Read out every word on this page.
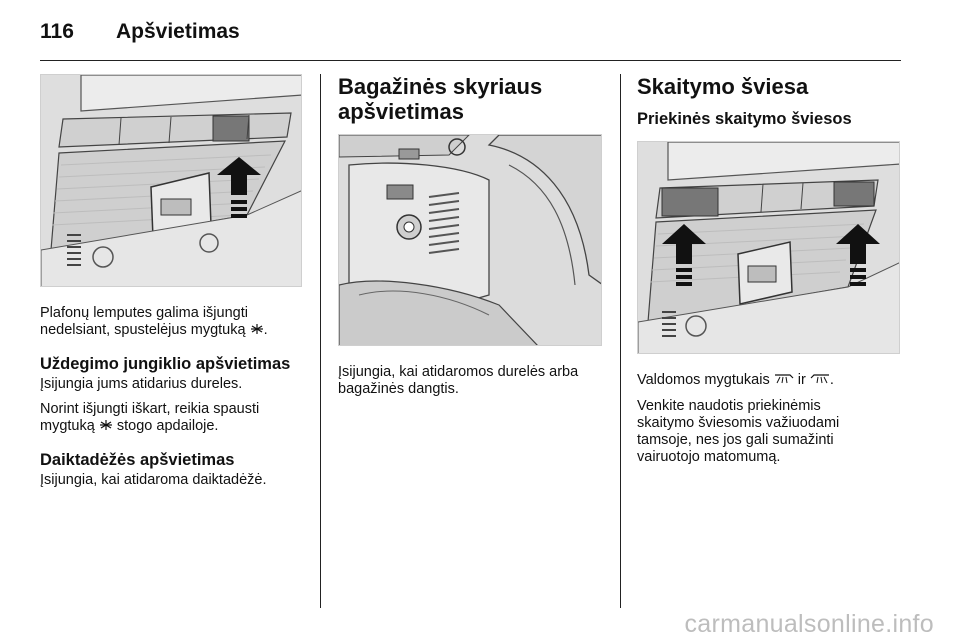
116 Apšvietimas

Plafonų lemputes galima išjungti
nedelsiant, spustelėjus mygtuką .

Uždegimo jungiklio apšvietimas

Įsijungia jums atidarius dureles.

Norint išjungti iškart, reikia spausti
mygtuką stogo apdailoje.

Daiktadėžės apšvietimas

Įsijungia, kai atidaroma daiktadėžė.

Bagažinės skyriaus
apšvietimas

Įsijungia, kai atidaromos durelės arba
bagažinės dangtis.

Skaitymo šviesa
Priekinės skaitymo šviesos

Valdomos mygtukais ir .

Venkite naudotis priekinėmis
skaitymo šviesomis važiuodami
tamsoje, nes jos gali sumažinti
vairuotojo matomumą.

carmanualsonline.info
